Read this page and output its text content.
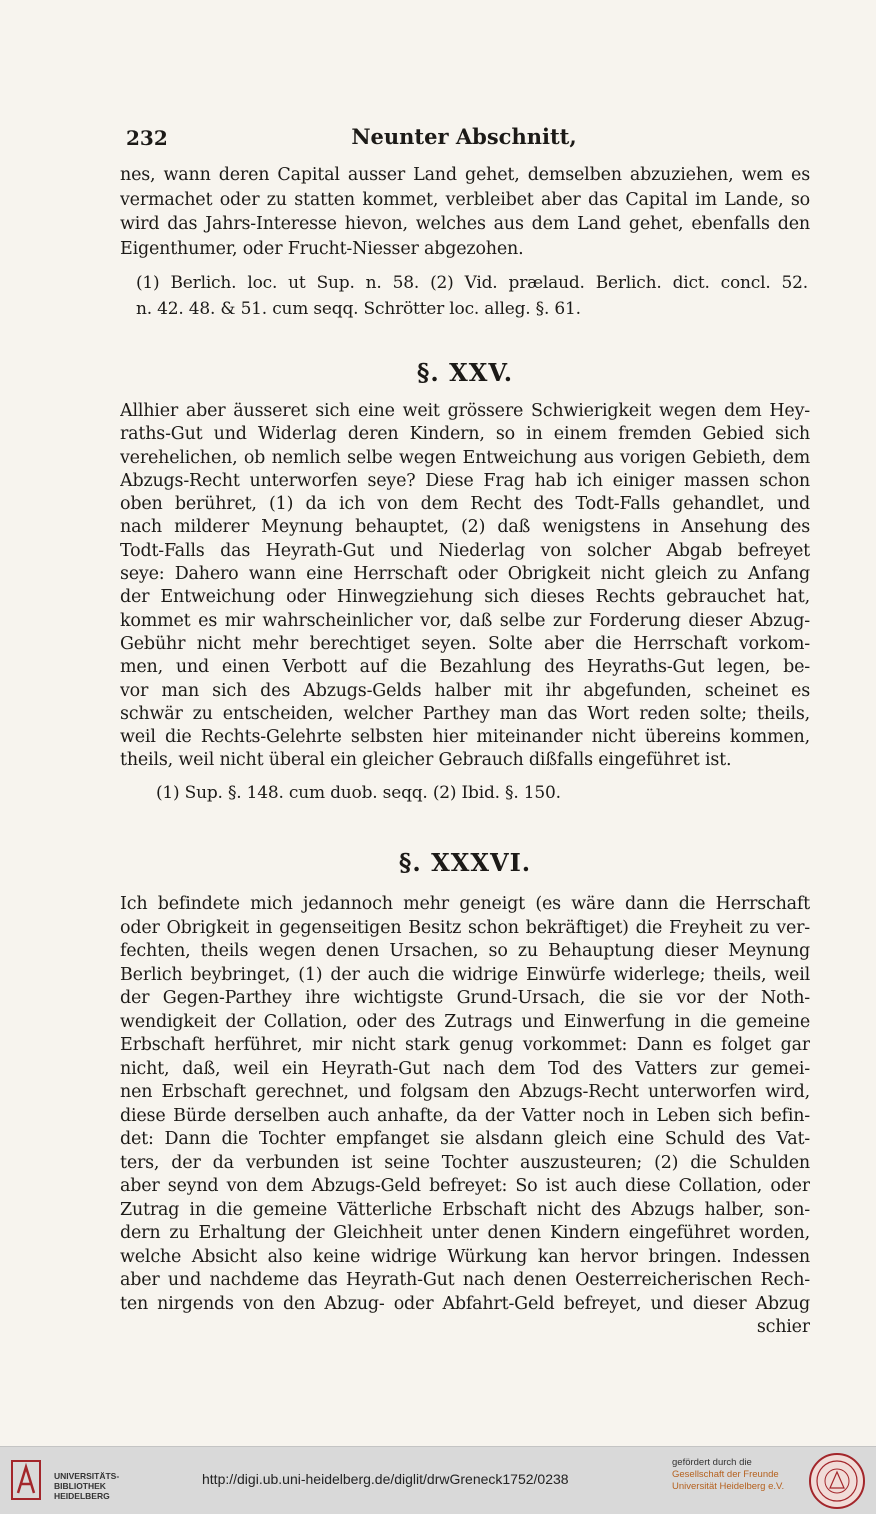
232	Neunter Abschnitt,
nes, wann deren Capital ausser Land gehet, demselben abzuziehen, wem es
vermachet oder zu statten kommet, verbleibet aber das Capital im Lande, so
wird das Jahrs-Interesse hievon, welches aus dem Land gehet, ebenfalls den
Eigenthumer, oder Frucht-Niesser abgezohen.
(1) Berlich. loc. ut Sup. n. 58. (2) Vid. prælaud. Berlich. dict. concl. 52.
n. 42. 48. & 51. cum seqq. Schrötter loc. alleg. §. 61.
§. XXV.
Allhier aber äusseret sich eine weit grössere Schwierigkeit wegen dem Hey-
raths-Gut und Widerlag deren Kindern, so in einem fremden Gebied sich
verehelichen, ob nemlich selbe wegen Entweichung aus vorigen Gebieth, dem
Abzugs-Recht unterworfen seye? Diese Frag hab ich einiger massen schon
oben berühret, (1) da ich von dem Recht des Todt-Falls gehandlet, und
nach milderer Meynung behauptet, (2) daß wenigstens in Ansehung des
Todt-Falls das Heyrath-Gut und Niederlag von solcher Abgab befreyet
seye: Dahero wann eine Herrschaft oder Obrigkeit nicht gleich zu Anfang
der Entweichung oder Hinwegziehung sich dieses Rechts gebrauchet hat,
kommet es mir wahrscheinlicher vor, daß selbe zur Forderung dieser Abzug-
Gebühr nicht mehr berechtiget seyen. Solte aber die Herrschaft vorkom-
men, und einen Verbott auf die Bezahlung des Heyraths-Gut legen, be-
vor man sich des Abzugs-Gelds halber mit ihr abgefunden, scheinet es
schwär zu entscheiden, welcher Parthey man das Wort reden solte; theils,
weil die Rechts-Gelehrte selbsten hier miteinander nicht übereins kommen,
theils, weil nicht überal ein gleicher Gebrauch dißfalls eingeführet ist.
(1) Sup. §. 148. cum duob. seqq. (2) Ibid. §. 150.
§. XXXVI.
Ich befindete mich jedannoch mehr geneigt (es wäre dann die Herrschaft
oder Obrigkeit in gegenseitigen Besitz schon bekräftiget) die Freyheit zu ver-
fechten, theils wegen denen Ursachen, so zu Behauptung dieser Meynung
Berlich beybringet, (1) der auch die widrige Einwürfe widerlege; theils, weil
der Gegen-Parthey ihre wichtigste Grund-Ursach, die sie vor der Noth-
wendigkeit der Collation, oder des Zutrags und Einwerfung in die gemeine
Erbschaft herführet, mir nicht stark genug vorkommet: Dann es folget gar
nicht, daß, weil ein Heyrath-Gut nach dem Tod des Vatters zur gemei-
nen Erbschaft gerechnet, und folgsam den Abzugs-Recht unterworfen wird,
diese Bürde derselben auch anhafte, da der Vatter noch in Leben sich befin-
det: Dann die Tochter empfanget sie alsdann gleich eine Schuld des Vat-
ters, der da verbunden ist seine Tochter auszusteuren; (2) die Schulden
aber seynd von dem Abzugs-Geld befreyet: So ist auch diese Collation, oder
Zutrag in die gemeine Vätterliche Erbschaft nicht des Abzugs halber, son-
dern zu Erhaltung der Gleichheit unter denen Kindern eingeführet worden,
welche Absicht also keine widrige Würkung kan hervor bringen. Indessen
aber und nachdeme das Heyrath-Gut nach denen Oesterreicherischen Rech-
ten nirgends von den Abzug- oder Abfahrt-Geld befreyet, und dieser Abzug
schier
UNIVERSITÄTS-
BIBLIOTHEK
HEIDELBERG
http://digi.ub.uni-heidelberg.de/diglit/drwGreneck1752/0238
gefördert durch die
Gesellschaft der Freunde
Universität Heidelberg e.V.
